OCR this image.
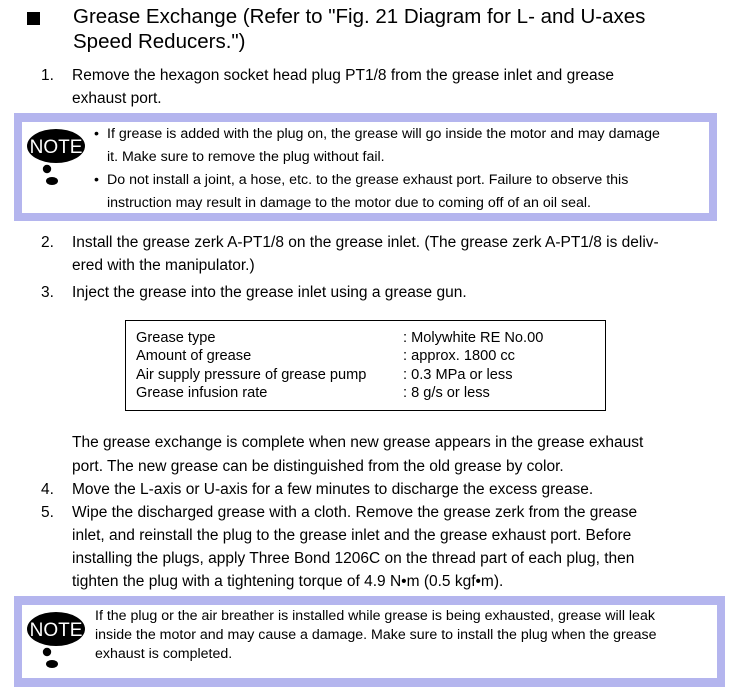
Grease Exchange (Refer to "Fig. 21 Diagram for L- and U-axes
Speed Reducers.")
1. Remove the hexagon socket head plug PT1/8 from the grease inlet and grease
exhaust port.
NOTE
• If grease is added with the plug on, the grease will go inside the motor and may damage
it. Make sure to remove the plug without fail.
• Do not install a joint, a hose, etc. to the grease exhaust port. Failure to observe this
instruction may result in damage to the motor due to coming off of an oil seal.
2. Install the grease zerk A-PT1/8 on the grease inlet. (The grease zerk A-PT1/8 is deliv-
ered with the manipulator.)
3. Inject the grease into the grease inlet using a grease gun.
Grease type	: Molywhite RE No.00
Amount of grease	: approx. 1800 cc
Air supply pressure of grease pump	: 0.3 MPa or less
Grease infusion rate	: 8 g/s or less
The grease exchange is complete when new grease appears in the grease exhaust
port. The new grease can be distinguished from the old grease by color.
4. Move the L-axis or U-axis for a few minutes to discharge the excess grease.
5. Wipe the discharged grease with a cloth. Remove the grease zerk from the grease
inlet, and reinstall the plug to the grease inlet and the grease exhaust port. Before
installing the plugs, apply Three Bond 1206C on the thread part of each plug, then
tighten the plug with a tightening torque of 4.9 N•m (0.5 kgf•m).
NOTE
If the plug or the air breather is installed while grease is being exhausted, grease will leak
inside the motor and may cause a damage. Make sure to install the plug when the grease
exhaust is completed.
